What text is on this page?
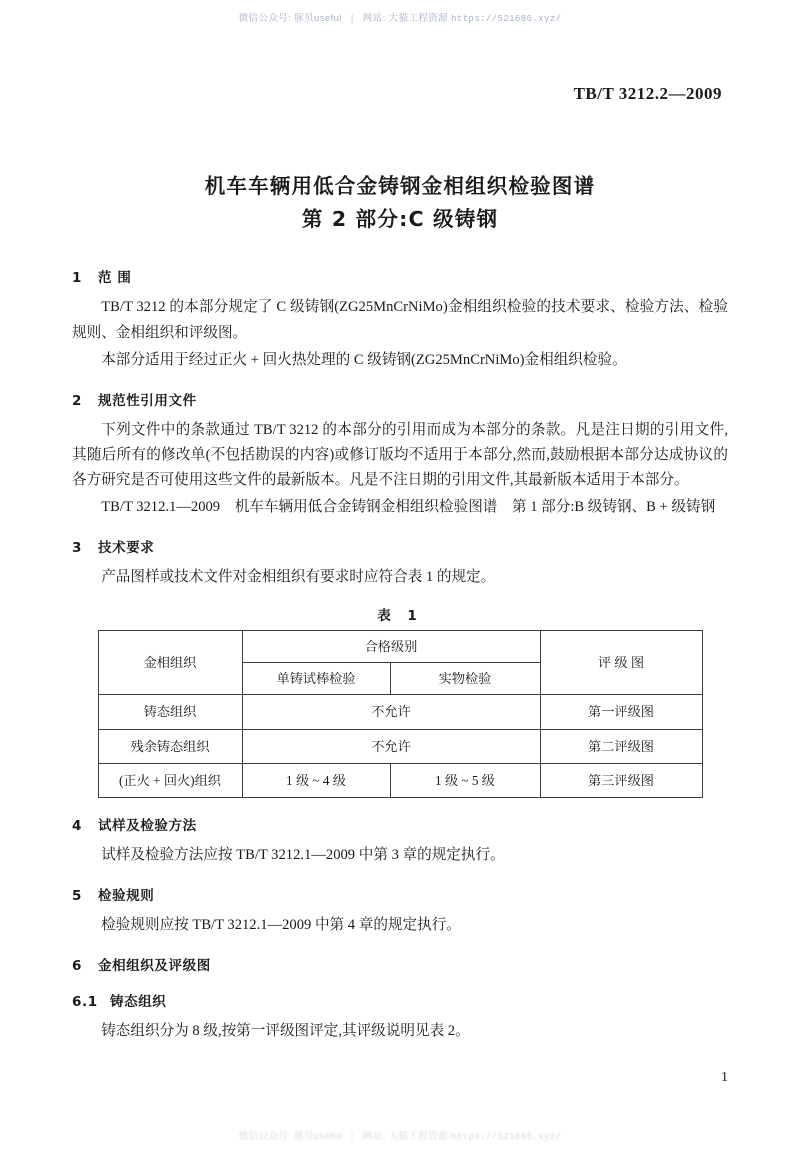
微信公众号: 豚贝useful | 网站: 大猫工程资源 https://521686.xyz/
TB/T 3212.2—2009
机车车辆用低合金铸钢金相组织检验图谱
第 2 部分:C 级铸钢
1 范 围

TB/T 3212 的本部分规定了 C 级铸钢(ZG25MnCrNiMo)金相组织检验的技术要求、检验方法、检验规则、金相组织和评级图。

本部分适用于经过正火 + 回火热处理的 C 级铸钢(ZG25MnCrNiMo)金相组织检验。

2 规范性引用文件

下列文件中的条款通过 TB/T 3212 的本部分的引用而成为本部分的条款。凡是注日期的引用文件,其随后所有的修改单(不包括勘误的内容)或修订版均不适用于本部分,然而,鼓励根据本部分达成协议的各方研究是否可使用这些文件的最新版本。凡是不注日期的引用文件,其最新版本适用于本部分。

TB/T 3212.1—2009　机车车辆用低合金铸钢金相组织检验图谱　第 1 部分:B 级铸钢、B + 级铸钢

3 技术要求

产品图样或技术文件对金相组织有要求时应符合表 1 的规定。

表 1
金相组织	合格级别		评 级 图
	单铸试棒检验	实物检验	
铸态组织	不允许		第一评级图
残余铸态组织	不允许		第二评级图
(正火 + 回火)组织	1 级 ~ 4 级	1 级 ~ 5 级	第三评级图
4 试样及检验方法

试样及检验方法应按 TB/T 3212.1—2009 中第 3 章的规定执行。

5 检验规则

检验规则应按 TB/T 3212.1—2009 中第 4 章的规定执行。

6 金相组织及评级图
6.1 铸态组织

铸态组织分为 8 级,按第一评级图评定,其评级说明见表 2。

1
微信公众号: 豚贝useful | 网站: 大猫工程资源 https://521686.xyz/
